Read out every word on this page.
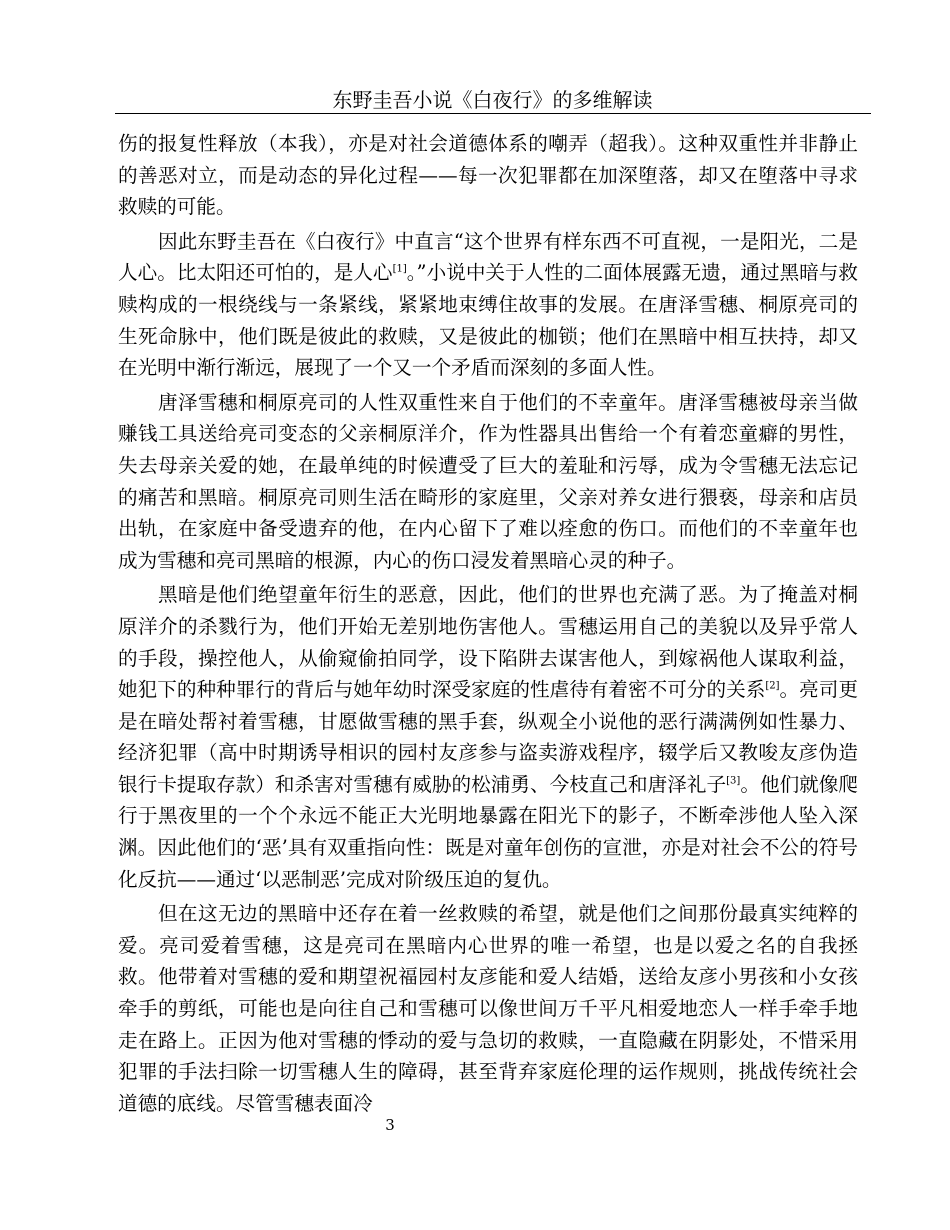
东野圭吾小说《白夜行》的多维解读

伤的报复性释放（本我），亦是对社会道德体系的嘲弄（超我）。这种双重性并非静止的善恶对立，而是动态的异化过程——每一次犯罪都在加深堕落，却又在堕落中寻求救赎的可能。

因此东野圭吾在《白夜行》中直言“这个世界有样东西不可直视，一是阳光，二是人心。比太阳还可怕的，是人心[1]。”小说中关于人性的二面体展露无遗，通过黑暗与救赎构成的一根绕线与一条紧线，紧紧地束缚住故事的发展。在唐泽雪穗、桐原亮司的生死命脉中，他们既是彼此的救赎，又是彼此的枷锁；他们在黑暗中相互扶持，却又在光明中渐行渐远，展现了一个又一个矛盾而深刻的多面人性。

唐泽雪穗和桐原亮司的人性双重性来自于他们的不幸童年。唐泽雪穗被母亲当做赚钱工具送给亮司变态的父亲桐原洋介，作为性器具出售给一个有着恋童癖的男性，失去母亲关爱的她，在最单纯的时候遭受了巨大的羞耻和污辱，成为令雪穗无法忘记的痛苦和黑暗。桐原亮司则生活在畸形的家庭里，父亲对养女进行猥亵，母亲和店员出轨，在家庭中备受遗弃的他，在内心留下了难以痊愈的伤口。而他们的不幸童年也成为雪穗和亮司黑暗的根源，内心的伤口浸发着黑暗心灵的种子。

黑暗是他们绝望童年衍生的恶意，因此，他们的世界也充满了恶。为了掩盖对桐原洋介的杀戮行为，他们开始无差别地伤害他人。雪穗运用自己的美貌以及异乎常人的手段，操控他人，从偷窥偷拍同学，设下陷阱去谋害他人，到嫁祸他人谋取利益，她犯下的种种罪行的背后与她年幼时深受家庭的性虐待有着密不可分的关系[2]。亮司更是在暗处帮衬着雪穗，甘愿做雪穗的黑手套，纵观全小说他的恶行满满例如性暴力、经济犯罪（高中时期诱导相识的园村友彦参与盗卖游戏程序，辍学后又教唆友彦伪造银行卡提取存款）和杀害对雪穗有威胁的松浦勇、今枝直己和唐泽礼子[3]。他们就像爬行于黑夜里的一个个永远不能正大光明地暴露在阳光下的影子，不断牵涉他人坠入深渊。因此他们的‘恶’具有双重指向性：既是对童年创伤的宣泄，亦是对社会不公的符号化反抗——通过‘以恶制恶’完成对阶级压迫的复仇。

但在这无边的黑暗中还存在着一丝救赎的希望，就是他们之间那份最真实纯粹的爱。亮司爱着雪穗，这是亮司在黑暗内心世界的唯一希望，也是以爱之名的自我拯救。他带着对雪穗的爱和期望祝福园村友彦能和爱人结婚，送给友彦小男孩和小女孩牵手的剪纸，可能也是向往自己和雪穗可以像世间万千平凡相爱地恋人一样手牵手地走在路上。正因为他对雪穗的悸动的爱与急切的救赎，一直隐藏在阴影处，不惜采用犯罪的手法扫除一切雪穗人生的障碍，甚至背弃家庭伦理的运作规则，挑战传统社会道德的底线。尽管雪穗表面冷

3
